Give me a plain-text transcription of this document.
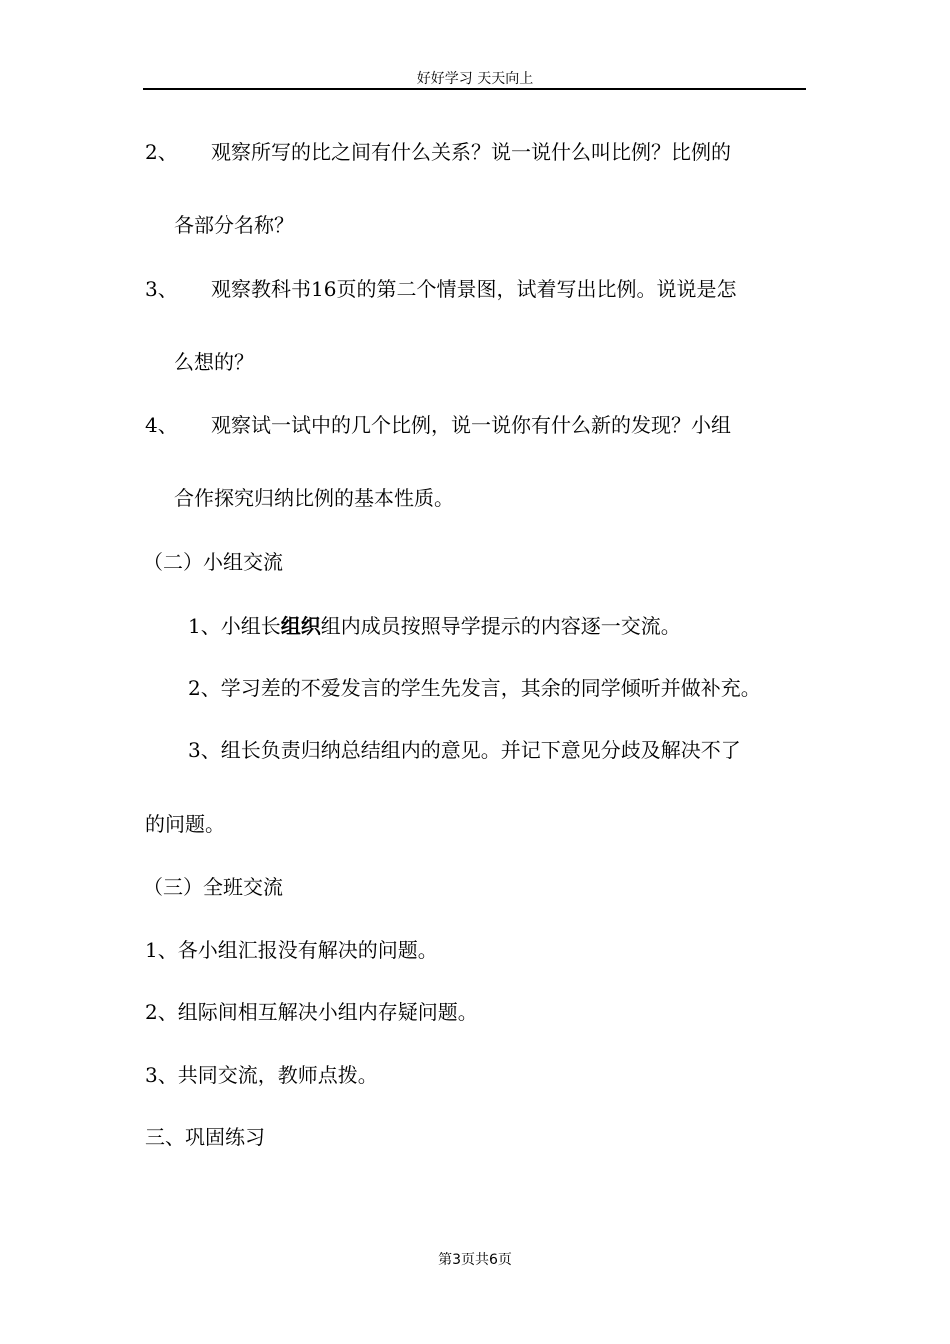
好好学习 天天向上
2、 观察所写的比之间有什么关系？说一说什么叫比例？比例的
各部分名称？
3、 观察教科书16页的第二个情景图，试着写出比例。说说是怎
么想的？
4、 观察试一试中的几个比例，说一说你有什么新的发现？小组
合作探究归纳比例的基本性质。
（二）小组交流
1、小组长组织组内成员按照导学提示的内容逐一交流。
2、学习差的不爱发言的学生先发言，其余的同学倾听并做补充。
3、组长负责归纳总结组内的意见。并记下意见分歧及解决不了
的问题。
（三）全班交流
1、各小组汇报没有解决的问题。
2、组际间相互解决小组内存疑问题。
3、共同交流，教师点拨。
三、巩固练习
第3页共6页
